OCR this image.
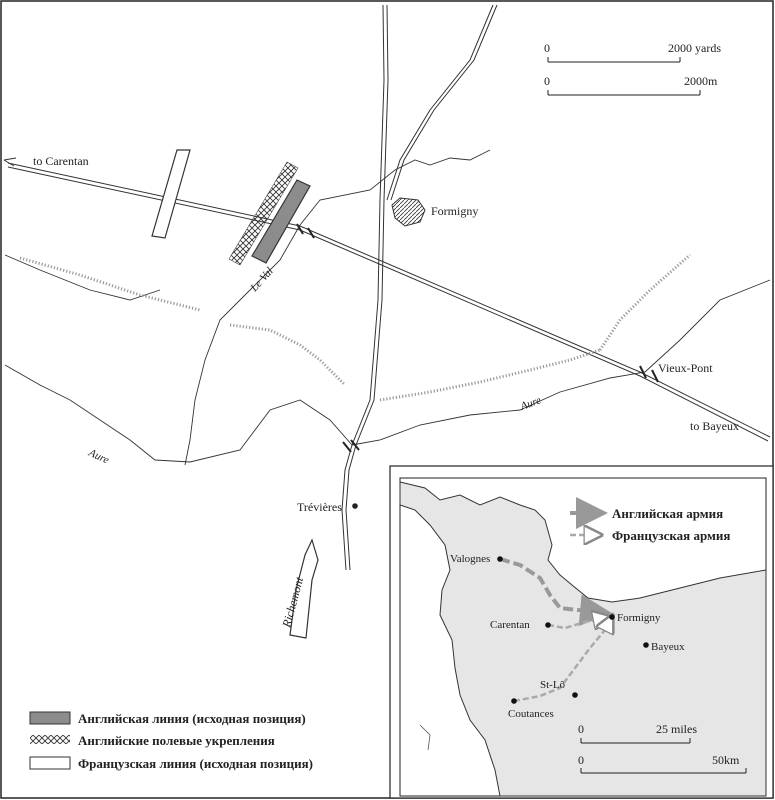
to Carentan
Formigny
Le Val
Vieux-Pont
Aure
to Bayeux
Aure
Trévières
Richemont
0	2000 yards
0	2000m
Английская линия (исходная позиция)
Английские полевые укрепления
Французская линия (исходная позиция)
Valognes
Carentan
Formigny
Bayeux
St-Lô
Coutances
Английская армия
Французская армия
0	25 miles
0	50km
